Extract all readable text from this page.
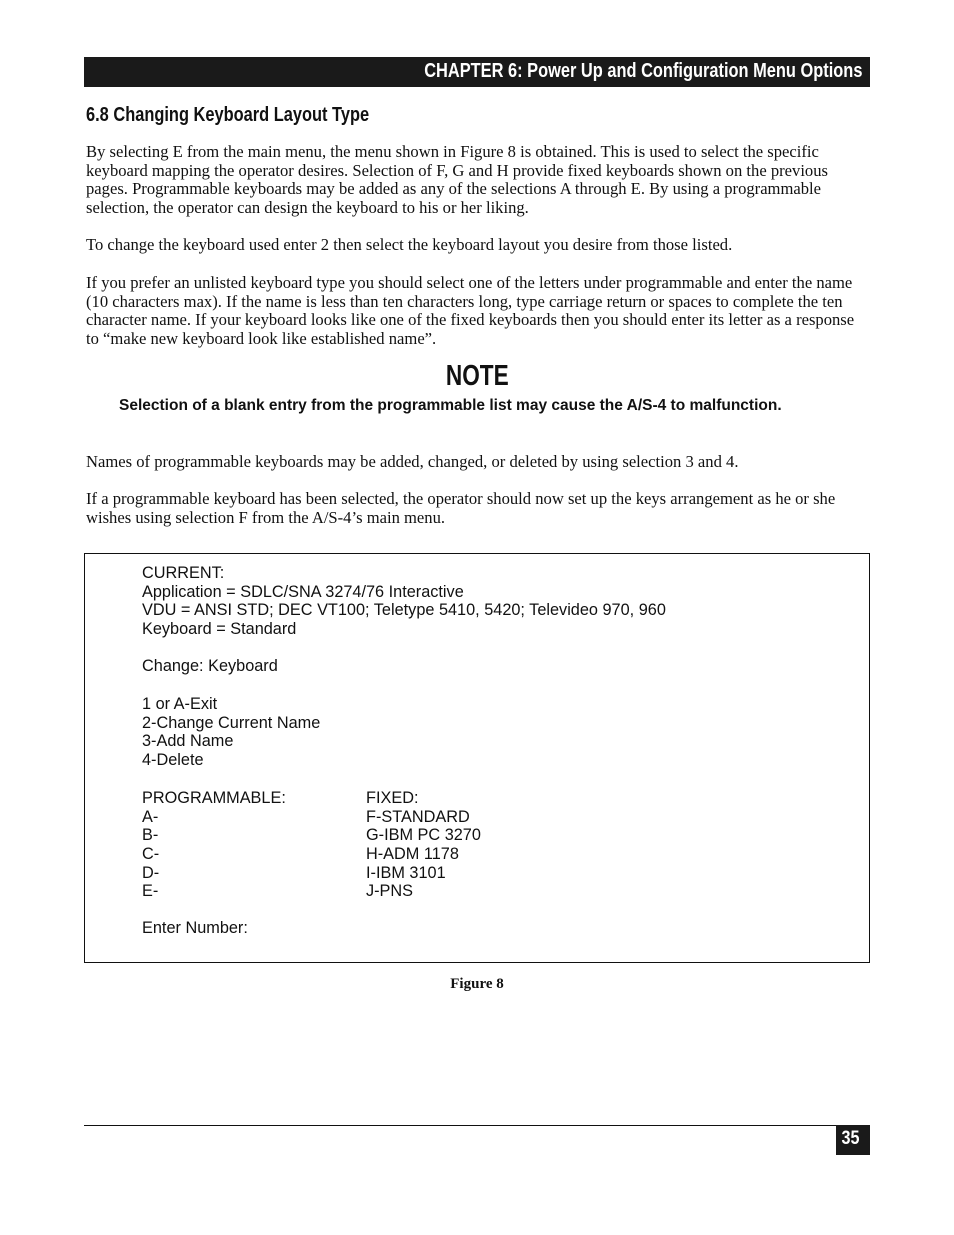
CHAPTER 6: Power Up and Configuration Menu Options
6.8 Changing Keyboard Layout Type
By selecting E from the main menu, the menu shown in Figure 8 is obtained. This is used to select the specific keyboard mapping the operator desires. Selection of F, G and H provide fixed keyboards shown on the previous pages. Programmable keyboards may be added as any of the selections A through E. By using a programmable selection, the operator can design the keyboard to his or her liking.
To change the keyboard used enter 2 then select the keyboard layout you desire from those listed.
If you prefer an unlisted keyboard type you should select one of the letters under programmable and enter the name (10 characters max). If the name is less than ten characters long, type carriage return or spaces to complete the ten character name. If your keyboard looks like one of the fixed keyboards then you should enter its letter as a response to “make new keyboard look like established name”.
NOTE
Selection of a blank entry from the programmable list may cause the A/S-4 to malfunction.
Names of programmable keyboards may be added, changed, or deleted by using selection 3 and 4.
If a programmable keyboard has been selected, the operator should now set up the keys arrangement as he or she wishes using selection F from the A/S-4’s main menu.
CURRENT:
Application = SDLC/SNA 3274/76 Interactive
VDU = ANSI STD; DEC VT100; Teletype 5410, 5420; Televideo 970, 960
Keyboard = Standard
Change: Keyboard
1 or A-Exit
2-Change Current Name
3-Add Name
4-Delete
PROGRAMMABLE:	FIXED:
A-	F-STANDARD
B-	G-IBM PC 3270
C-	H-ADM 1178
D-	I-IBM 3101
E-	J-PNS
Enter Number:
Figure 8
35
